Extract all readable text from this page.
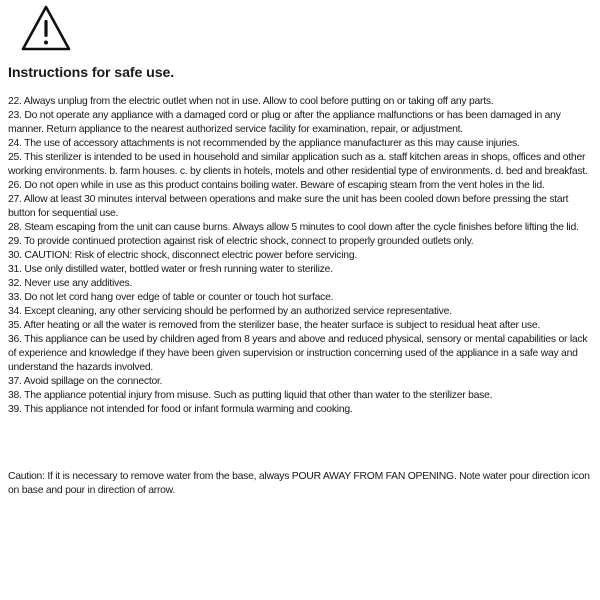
Instructions for safe use.
22. Always unplug from the electric outlet when not in use. Allow to cool before putting on or taking off any parts.
23. Do not operate any appliance with a damaged cord or plug or after the appliance malfunctions or has been damaged in any manner. Return appliance to the nearest authorized service facility for examination, repair, or adjustment.
24. The use of accessory attachments is not recommended by the appliance manufacturer as this may cause injuries.
25. This sterilizer is intended to be used in household and similar application such as a. staff kitchen areas in shops, offices and other working environments. b. farm houses. c. by clients in hotels, motels and other residential type of environments. d. bed and breakfast.
26. Do not open while in use as this product contains boiling water. Beware of escaping steam from the vent holes in the lid.
27. Allow at least 30 minutes interval between operations and make sure the unit has been cooled down before pressing the start button for sequential use.
28. Steam escaping from the unit can cause burns. Always allow 5 minutes to cool down after the cycle finishes before lifting the lid.
29. To provide continued protection against risk of electric shock, connect to properly grounded outlets only.
30. CAUTION: Risk of electric shock, disconnect electric power before servicing.
31. Use only distilled water, bottled water or fresh running water to sterilize.
32. Never use any additives.
33. Do not let cord hang over edge of table or counter or touch hot surface.
34. Except cleaning, any other servicing should be performed by an authorized service representative.
35. After heating or all the water is removed from the sterilizer base, the heater surface is subject to residual heat after use.
36. This appliance can be used by children aged from 8 years and above and reduced physical, sensory or mental capabilities or lack of experience and knowledge if they have been given supervision or instruction concerning used of the appliance in a safe way and understand the hazards involved.
37. Avoid spillage on the connector.
38. The appliance potential injury from misuse. Such as putting liquid that other than water to the sterilizer base.
39. This appliance not intended for food or infant formula warming and cooking.

Caution: If it is necessary to remove water from the base, always POUR AWAY FROM FAN OPENING. Note water pour direction icon on base and pour in direction of arrow.
